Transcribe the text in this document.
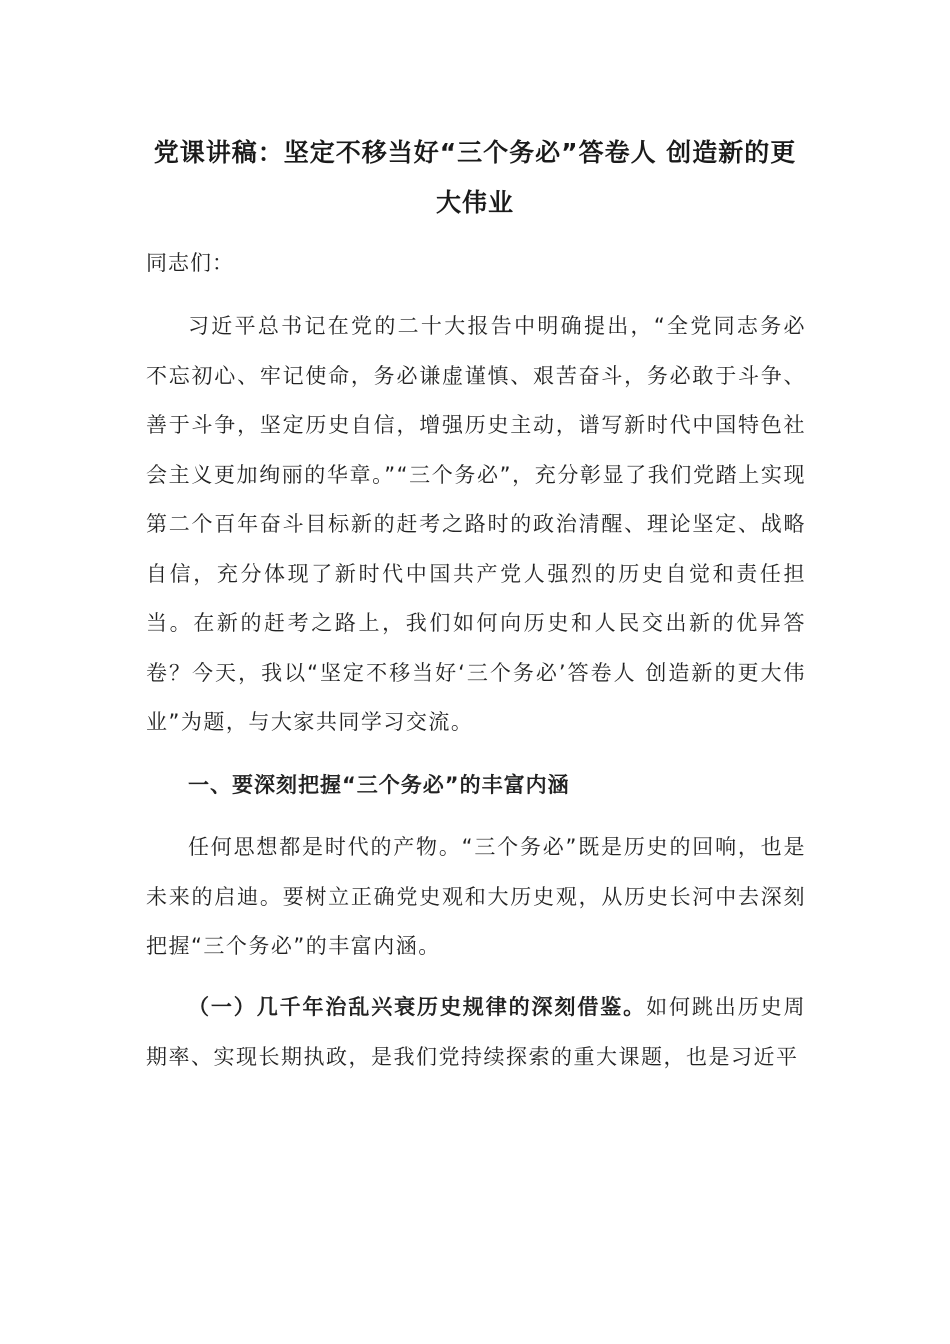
党课讲稿：坚定不移当好“三个务必”答卷人 创造新的更
大伟业
同志们：

习近平总书记在党的二十大报告中明确提出，“全党同志务必不忘初心、牢记使命，务必谦虚谨慎、艰苦奋斗，务必敢于斗争、善于斗争，坚定历史自信，增强历史主动，谱写新时代中国特色社会主义更加绚丽的华章。”“三个务必”，充分彰显了我们党踏上实现第二个百年奋斗目标新的赶考之路时的政治清醒、理论坚定、战略自信，充分体现了新时代中国共产党人强烈的历史自觉和责任担当。在新的赶考之路上，我们如何向历史和人民交出新的优异答卷？今天，我以“坚定不移当好‘三个务必’答卷人 创造新的更大伟业”为题，与大家共同学习交流。

一、要深刻把握“三个务必”的丰富内涵

任何思想都是时代的产物。“三个务必”既是历史的回响，也是未来的启迪。要树立正确党史观和大历史观，从历史长河中去深刻把握“三个务必”的丰富内涵。

（一）几千年治乱兴衰历史规律的深刻借鉴。如何跳出历史周期率、实现长期执政，是我们党持续探索的重大课题，也是习近平
